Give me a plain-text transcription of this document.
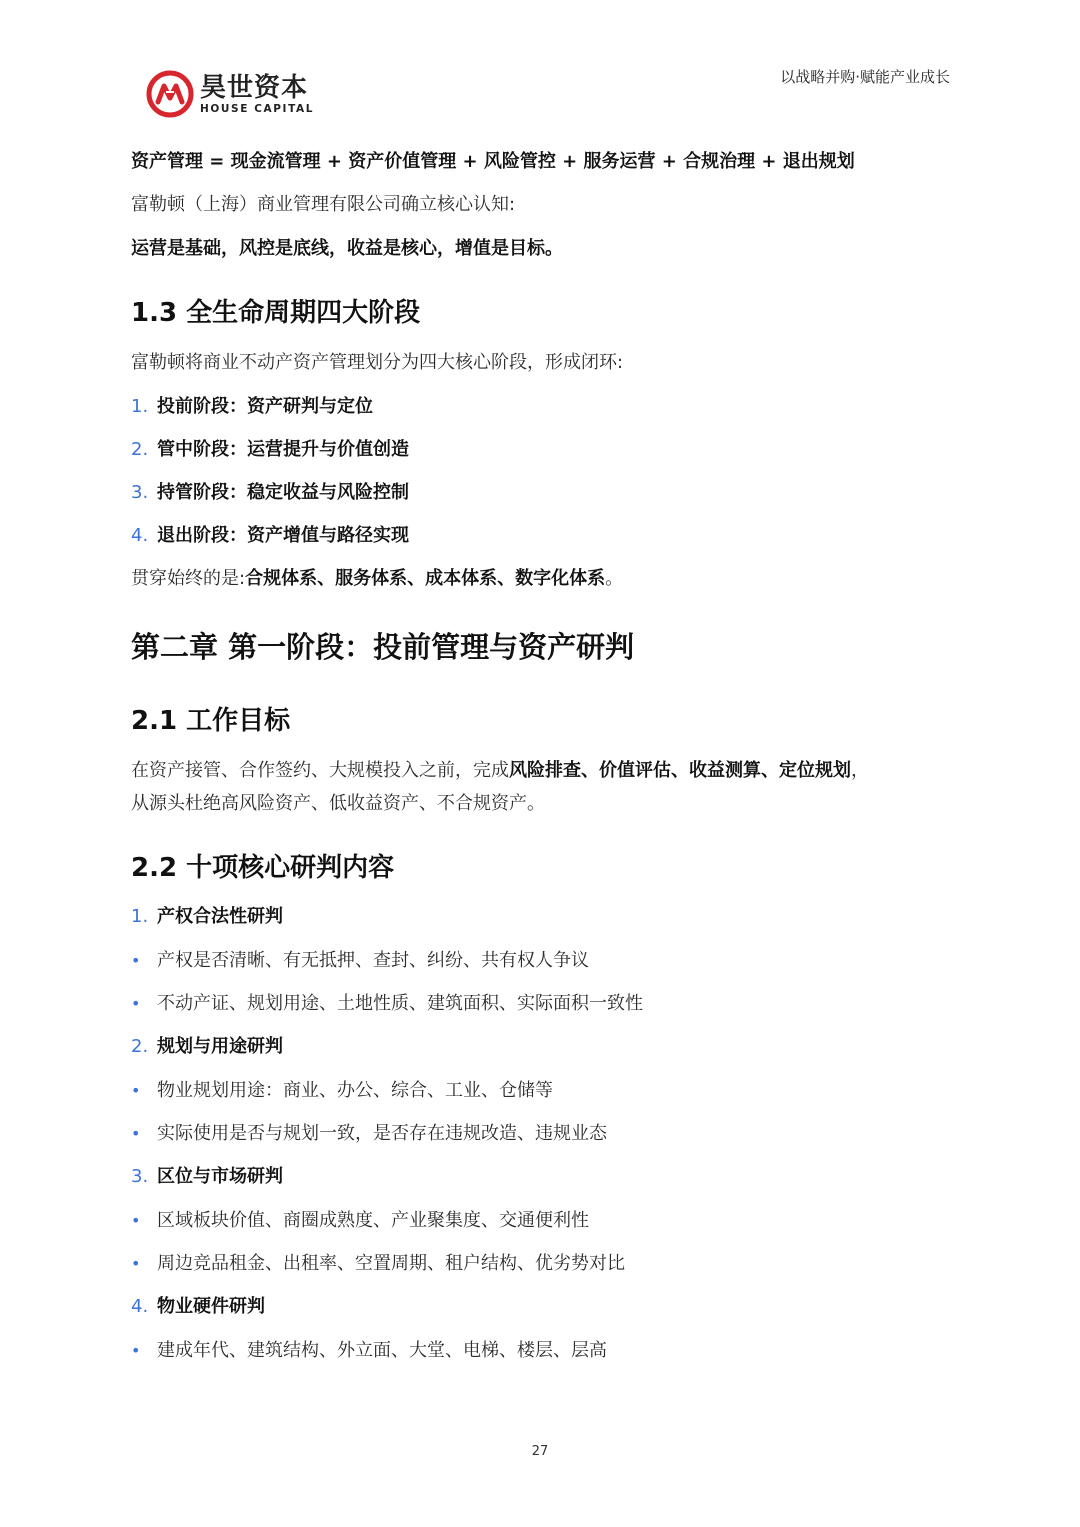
昊世资本
HOUSE CAPITAL
以战略并购·赋能产业成长
资产管理 = 现金流管理 + 资产价值管理 + 风险管控 + 服务运营 + 合规治理 + 退出规划
富勒顿（上海）商业管理有限公司确立核心认知:
运营是基础，风控是底线，收益是核心，增值是目标。
1.3 全生命周期四大阶段
富勒顿将商业不动产资产管理划分为四大核心阶段，形成闭环:
1. 投前阶段：资产研判与定位
2. 管中阶段：运营提升与价值创造
3. 持管阶段：稳定收益与风险控制
4. 退出阶段：资产增值与路径实现
贯穿始终的是:合规体系、服务体系、成本体系、数字化体系。
第二章 第一阶段：投前管理与资产研判
2.1 工作目标
在资产接管、合作签约、大规模投入之前，完成风险排查、价值评估、收益测算、定位规划，
从源头杜绝高风险资产、低收益资产、不合规资产。
2.2 十项核心研判内容
1. 产权合法性研判
• 产权是否清晰、有无抵押、查封、纠纷、共有权人争议
• 不动产证、规划用途、土地性质、建筑面积、实际面积一致性
2. 规划与用途研判
• 物业规划用途：商业、办公、综合、工业、仓储等
• 实际使用是否与规划一致，是否存在违规改造、违规业态
3. 区位与市场研判
• 区域板块价值、商圈成熟度、产业聚集度、交通便利性
• 周边竞品租金、出租率、空置周期、租户结构、优劣势对比
4. 物业硬件研判
• 建成年代、建筑结构、外立面、大堂、电梯、楼层、层高
27
